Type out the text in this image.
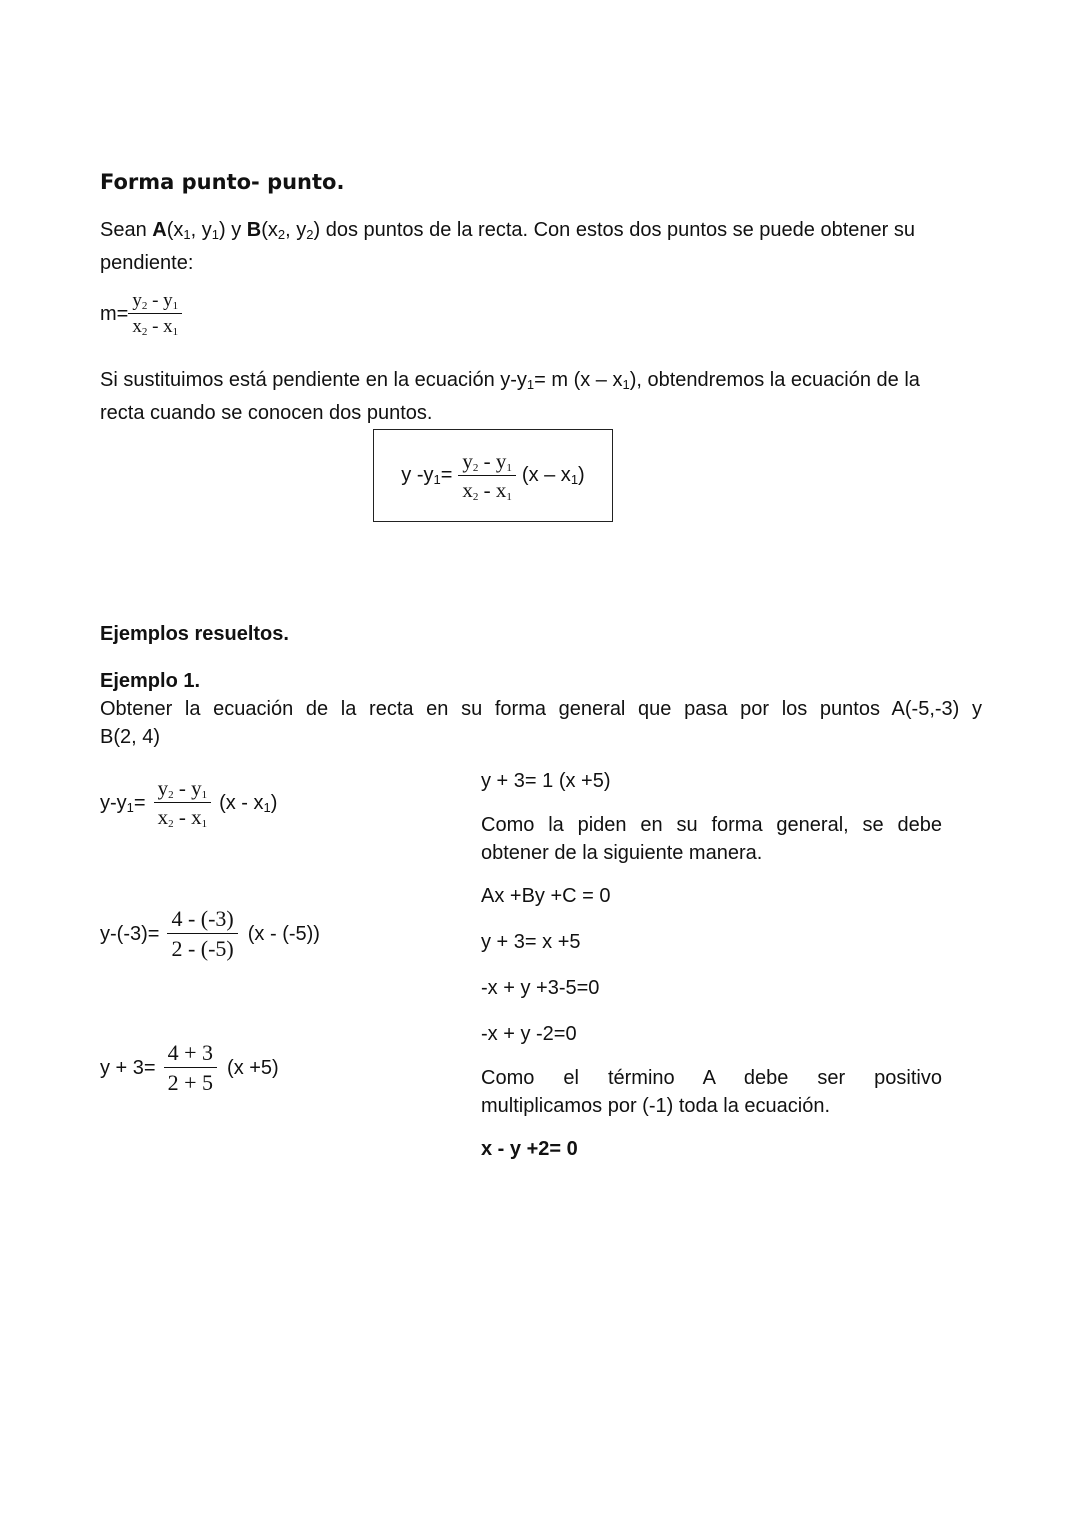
Forma punto- punto.
Sean $A(x_1$, $y_1$) y $B(x_2$, $y_2$) dos puntos de la recta. Con estos dos puntos se puede obtener su
pendiente:
$m= \frac{y_2 - y_1}{x_2 - x_1}$
Si sustituimos está pendiente en la ecuación $y-y_1= m$ $(x - x_1)$, obtendremos la ecuación de la
recta cuando se conocen dos puntos.
y $-y_1= \frac{y_2 - y_1}{x_2 - x_1} (x - x_1)$
Ejemplos resueltos.
Ejemplo 1.
Obtener la ecuación de la recta en su forma general que pasa por los puntos A(-5,-3) y
B(2, 4)
$y-y_1= \frac{y_2 - y_1}{x_2 - x_1} (x - x_1)$
$y-(-3)= \frac{4 - (-3)}{2 - (-5)} (x - (-5))$
$y + 3= \frac{4 + 3}{2 + 5} (x +5)$
y + 3= 1 (x +5)
Como la piden en su forma general, se debe
obtener de la siguiente manera.
Ax +By +C = 0
y + 3= x +5
-x + y +3-5=0
-x + y -2=0
Como el término A debe ser positivo
multiplicamos por (-1) toda la ecuación.
x - y +2= 0
